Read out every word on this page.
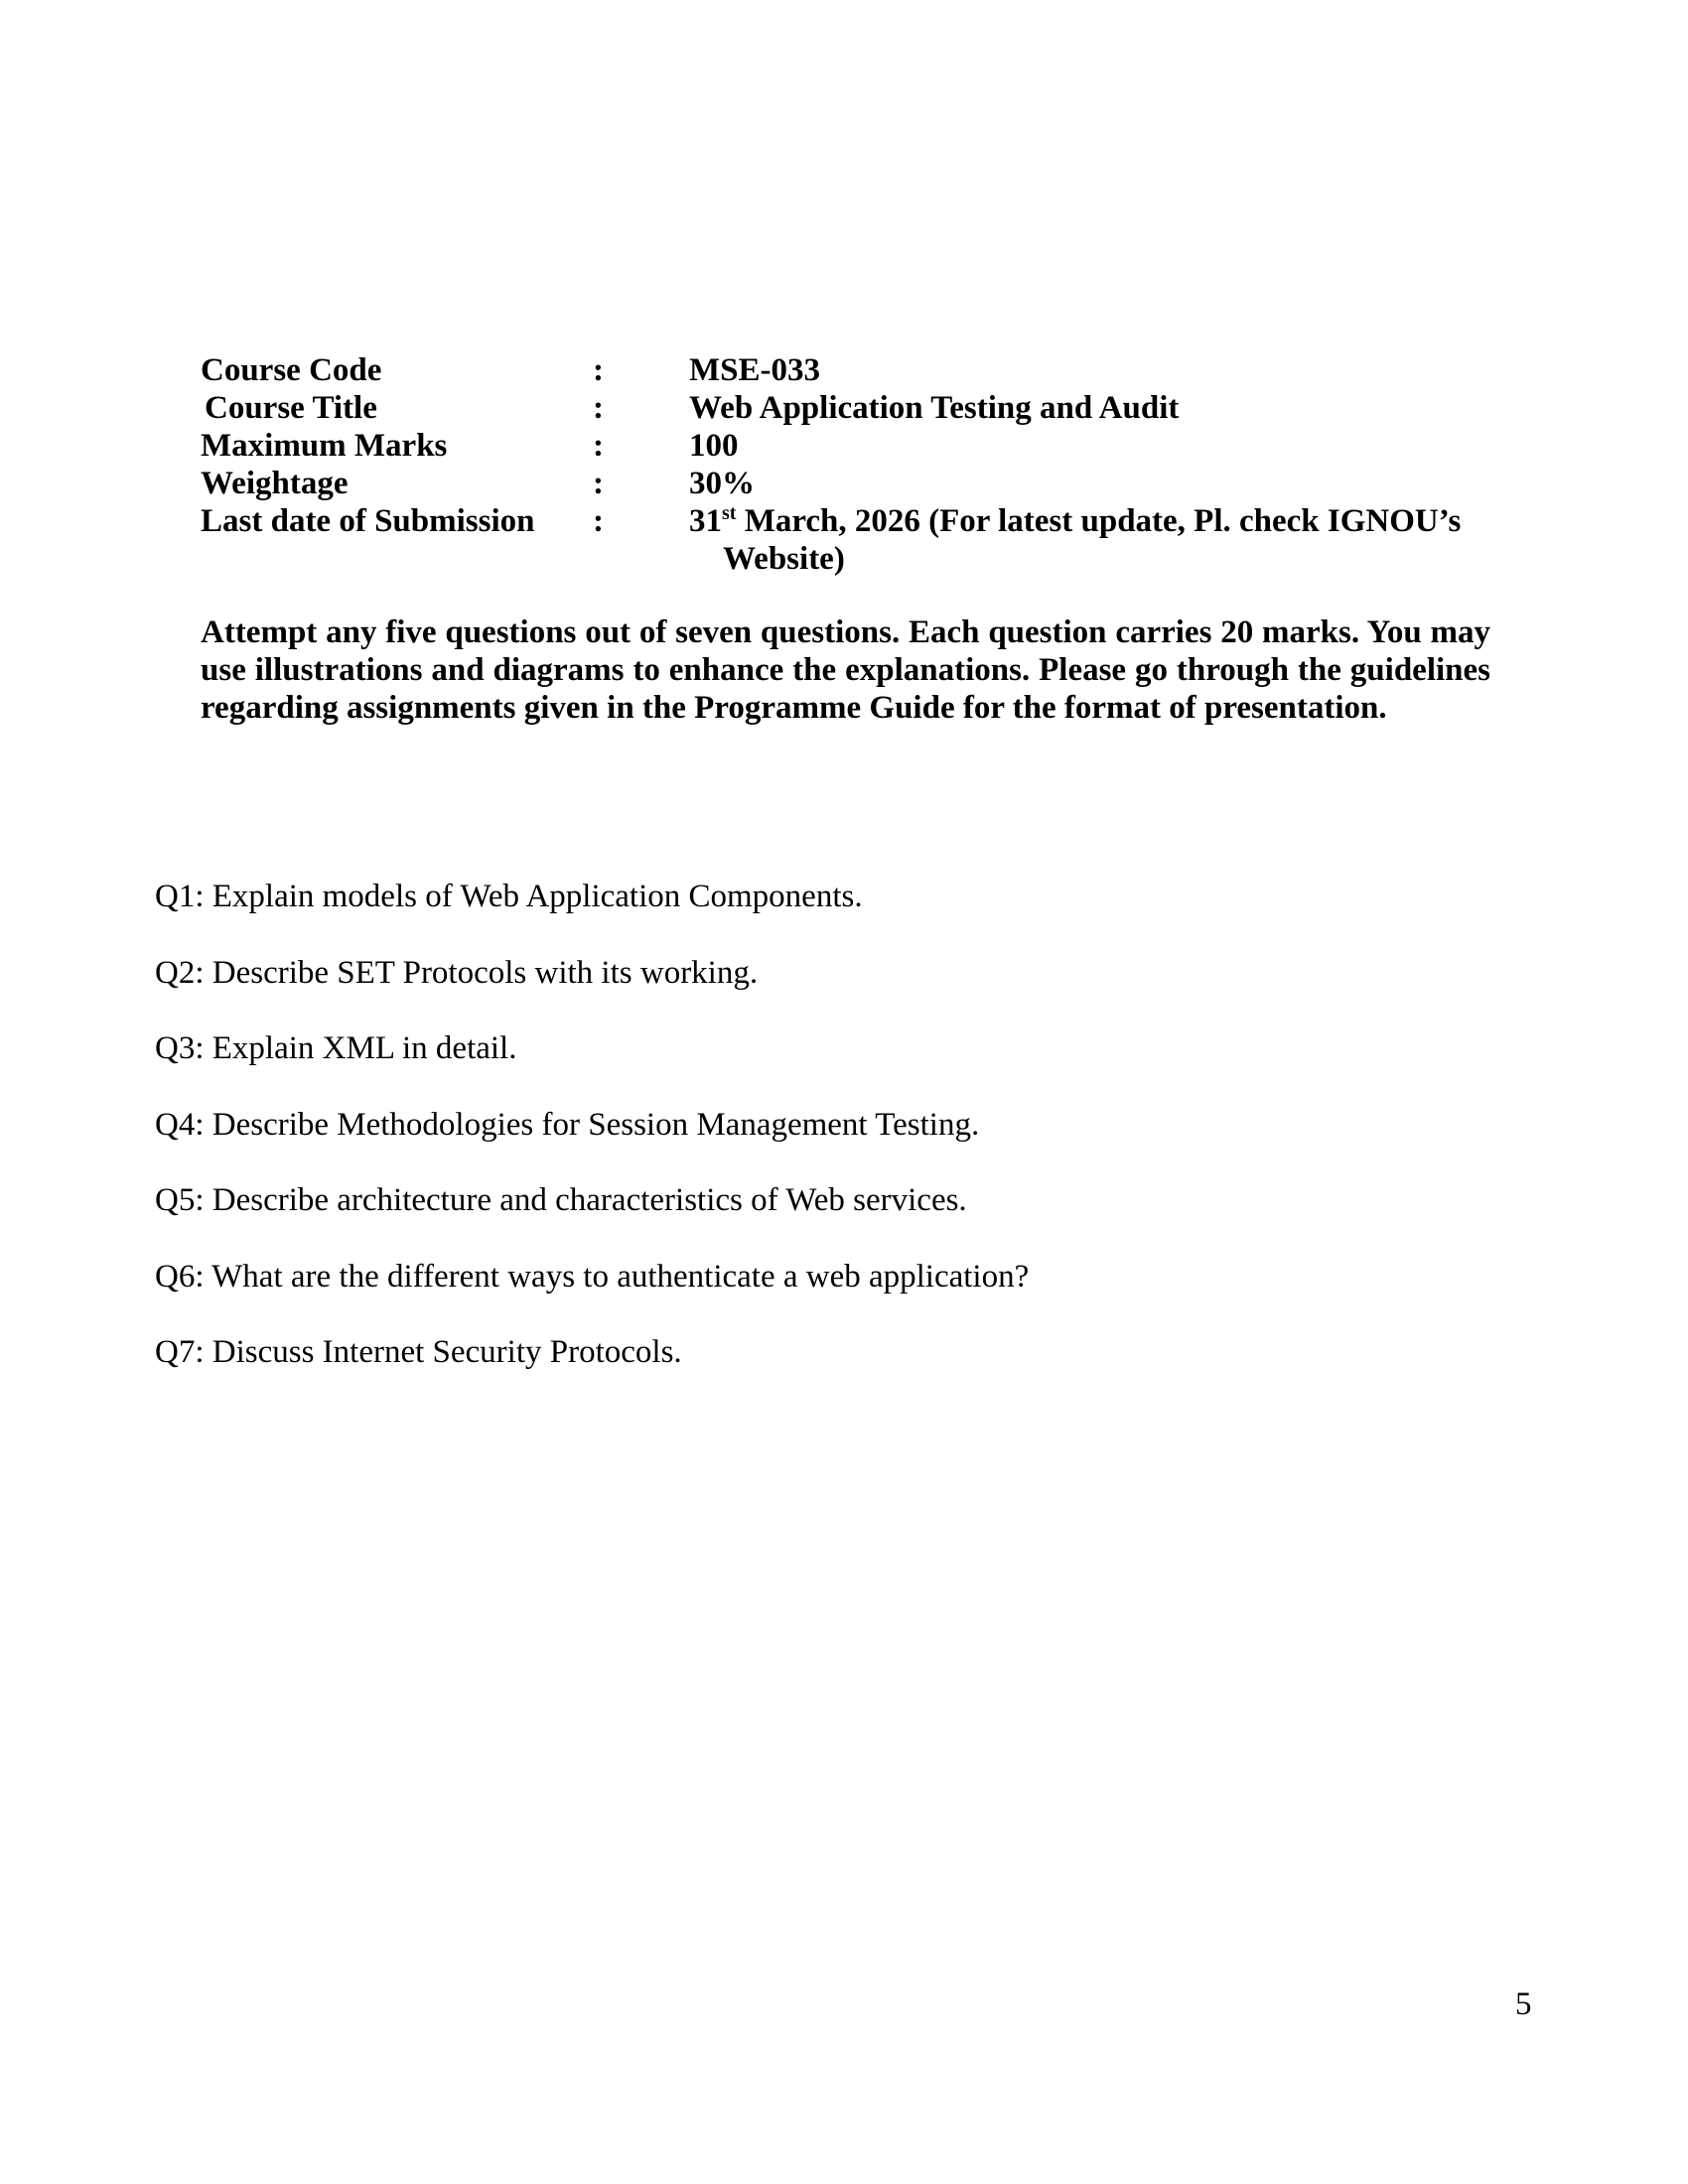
Course Code	:	MSE-033
Course Title	:	Web Application Testing and Audit
Maximum Marks	:	100
Weightage	:	30%
Last date of Submission	:	31st March, 2026 (For latest update, Pl. check IGNOU’s
Website)

Attempt any five questions out of seven questions. Each question carries 20 marks. You may use illustrations and diagrams to enhance the explanations. Please go through the guidelines regarding assignments given in the Programme Guide for the format of presentation.

Q1: Explain models of Web Application Components.
Q2: Describe SET Protocols with its working.
Q3: Explain XML in detail.
Q4: Describe Methodologies for Session Management Testing.
Q5: Describe architecture and characteristics of Web services.
Q6: What are the different ways to authenticate a web application?
Q7: Discuss Internet Security Protocols.
5
